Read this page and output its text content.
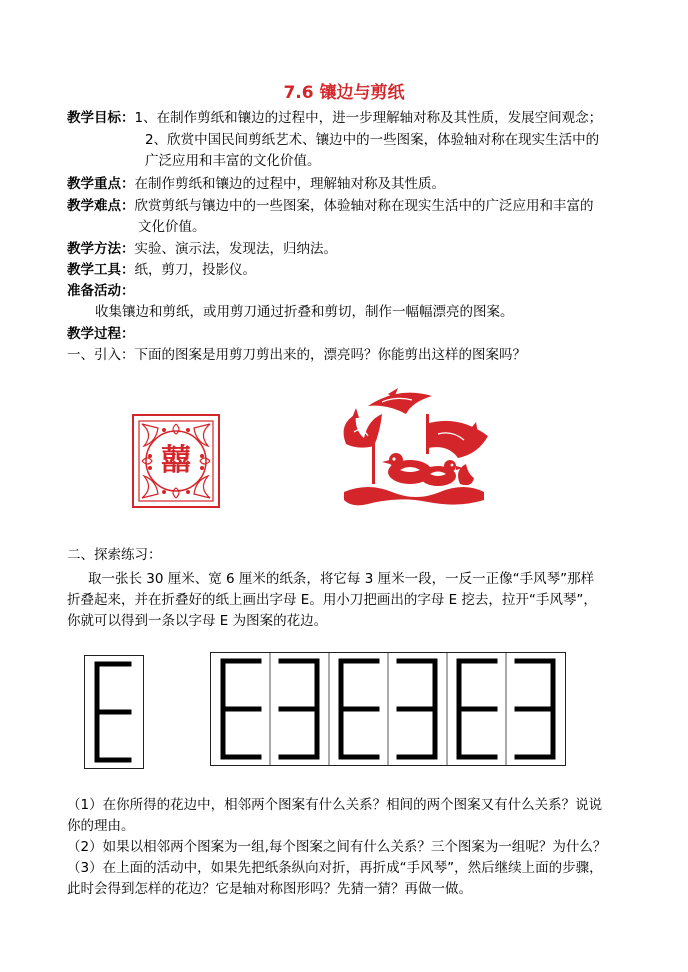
7.6 镶边与剪纸
教学目标：1、在制作剪纸和镶边的过程中，进一步理解轴对称及其性质，发展空间观念；
2、欣赏中国民间剪纸艺术、镶边中的一些图案，体验轴对称在现实生活中的
广泛应用和丰富的文化价值。
教学重点：在制作剪纸和镶边的过程中，理解轴对称及其性质。
教学难点：欣赏剪纸与镶边中的一些图案，体验轴对称在现实生活中的广泛应用和丰富的
文化价值。
教学方法：实验、演示法，发现法，归纳法。
教学工具：纸，剪刀，投影仪。
准备活动：
收集镶边和剪纸，或用剪刀通过折叠和剪切，制作一幅幅漂亮的图案。
教学过程：
一、引入：下面的图案是用剪刀剪出来的，漂亮吗？你能剪出这样的图案吗？
囍
二、探索练习：
取一张长 30 厘米、宽 6 厘米的纸条，将它每 3 厘米一段，一反一正像“手风琴”那样
折叠起来，并在折叠好的纸上画出字母 E。用小刀把画出的字母 E 挖去，拉开“手风琴”，
你就可以得到一条以字母 E 为图案的花边。
（1）在你所得的花边中，相邻两个图案有什么关系？相间的两个图案又有什么关系？说说
你的理由。
（2）如果以相邻两个图案为一组,每个图案之间有什么关系？三个图案为一组呢？为什么？
（3）在上面的活动中，如果先把纸条纵向对折，再折成“手风琴”，然后继续上面的步骤，
此时会得到怎样的花边？它是轴对称图形吗？先猜一猜？再做一做。
